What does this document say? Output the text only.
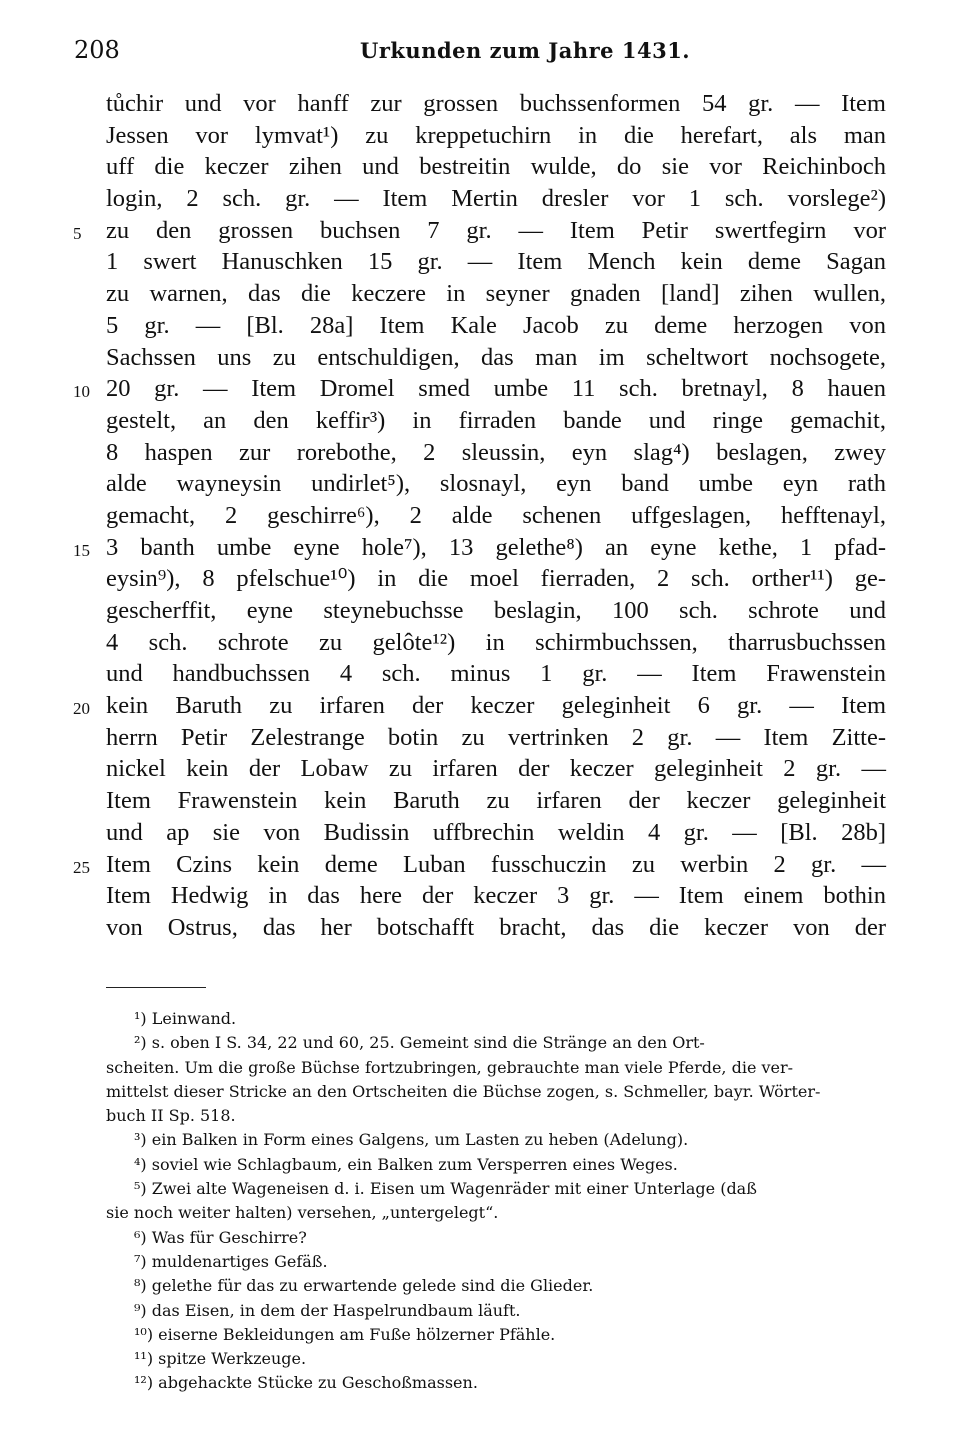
208	Urkunden zum Jahre 1431.
tůchir und vor hanff zur grossen buchssenformen 54 gr. — Item
Jessen vor lymvat¹) zu kreppetuchirn in die herefart, als man
uff die keczer zihen und bestreitin wulde, do sie vor Reichinboch
login, 2 sch. gr. — Item Mertin dresler vor 1 sch. vorslege²)
5 zu den grossen buchsen 7 gr. — Item Petir swertfegirn vor
1 swert Hanuschken 15 gr. — Item Mench kein deme Sagan
zu warnen, das die keczere in seyner gnaden [land] zihen wullen,
5 gr. — [Bl. 28a] Item Kale Jacob zu deme herzogen von
Sachssen uns zu entschuldigen, das man im scheltwort nochsogete,
10 20 gr. — Item Dromel smed umbe 11 sch. bretnayl, 8 hauen
gestelt, an den keffir³) in firraden bande und ringe gemachit,
8 haspen zur rorebothe, 2 sleussin, eyn slag⁴) beslagen, zwey
alde wayneysin undirlet⁵), slosnayl, eyn band umbe eyn rath
gemacht, 2 geschirre⁶), 2 alde schenen uffgeslagen, hefftenayl,
15 3 banth umbe eyne hole⁷), 13 gelethe⁸) an eyne kethe, 1 pfad-
eysin⁹), 8 pfelschue¹⁰) in die moel fierraden, 2 sch. orther¹¹) ge-
gescherffit, eyne steynebuchsse beslagin, 100 sch. schrote und
4 sch. schrote zu gelôte¹²) in schirmbuchssen, tharrusbuchssen
und handbuchssen 4 sch. minus 1 gr. — Item Frawenstein
20 kein Baruth zu irfaren der keczer geleginheit 6 gr. — Item
herrn Petir Zelestrange botin zu vertrinken 2 gr. — Item Zitte-
nickel kein der Lobaw zu irfaren der keczer geleginheit 2 gr. —
Item Frawenstein kein Baruth zu irfaren der keczer geleginheit
und ap sie von Budissin uffbrechin weldin 4 gr. — [Bl. 28b]
25 Item Czins kein deme Luban fusschuczin zu werbin 2 gr. —
Item Hedwig in das here der keczer 3 gr. — Item einem bothin
von Ostrus, das her botschafft bracht, das die keczer von der
¹) Leinwand.
²) s. oben I S. 34, 22 und 60, 25. Gemeint sind die Stränge an den Ort-
scheiten. Um die große Büchse fortzubringen, gebrauchte man viele Pferde, die ver-
mittelst dieser Stricke an den Ortscheiten die Büchse zogen, s. Schmeller, bayr. Wörter-
buch II Sp. 518.
³) ein Balken in Form eines Galgens, um Lasten zu heben (Adelung).
⁴) soviel wie Schlagbaum, ein Balken zum Versperren eines Weges.
⁵) Zwei alte Wageneisen d. i. Eisen um Wagenräder mit einer Unterlage (daß
sie noch weiter halten) versehen, „untergelegt“.
⁶) Was für Geschirre?
⁷) muldenartiges Gefäß.
⁸) gelethe für das zu erwartende gelede sind die Glieder.
⁹) das Eisen, in dem der Haspelrundbaum läuft.
¹⁰) eiserne Bekleidungen am Fuße hölzerner Pfähle.
¹¹) spitze Werkzeuge.
¹²) abgehackte Stücke zu Geschoßmassen.
